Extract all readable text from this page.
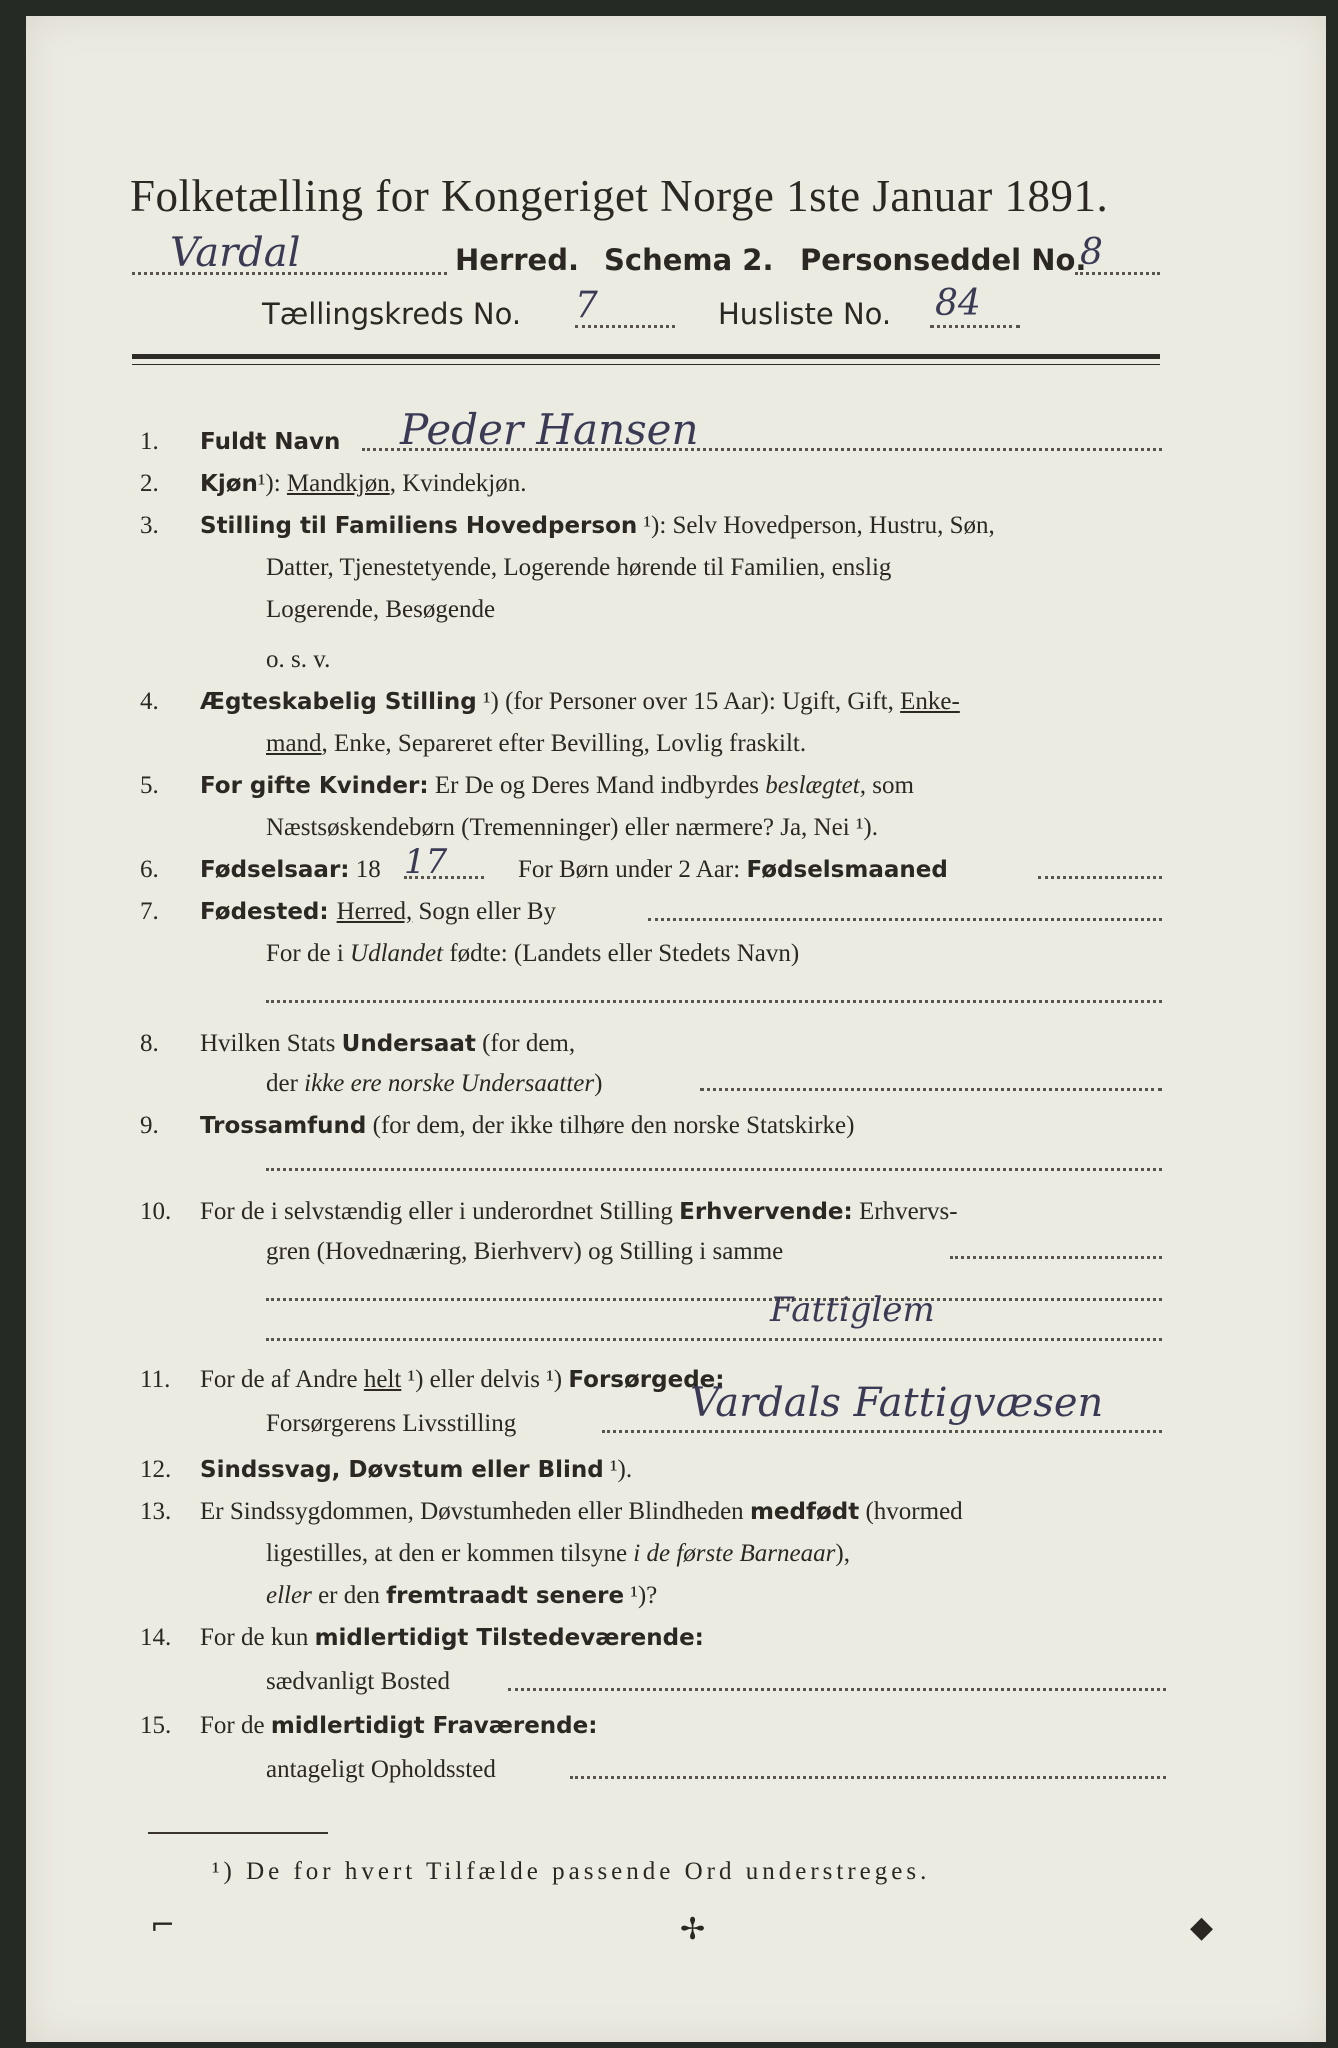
Folketælling for Kongeriget Norge 1ste Januar 1891.
Vardal	Herred. Schema 2. Personseddel No.
8
Tællingskreds No. 7	Husliste No. 84
1. Fuldt Navn Peder Hansen
2. Kjøn¹): Mandkjøn, Kvindekjøn.
3. Stilling til Familiens Hovedperson ¹): Selv Hovedperson, Hustru, Søn,
Datter, Tjenestetyende, Logerende hørende til Familien, enslig
Logerende, Besøgende
o. s. v.
4. Ægteskabelig Stilling ¹) (for Personer over 15 Aar): Ugift, Gift, Enke-
mand, Enke, Separeret efter Bevilling, Lovlig fraskilt.
5. For gifte Kvinder: Er De og Deres Mand indbyrdes beslægtet, som
Næstsøskendebørn (Tremenninger) eller nærmere? Ja, Nei ¹).
6. Fødselsaar: 18 17	For Børn under 2 Aar: Fødselsmaaned
7. Fødested: Herred, Sogn eller By
For de i Udlandet fødte: (Landets eller Stedets Navn)
8. Hvilken Stats Undersaat (for dem,
der ikke ere norske Undersaatter)
9. Trossamfund (for dem, der ikke tilhøre den norske Statskirke)
10. For de i selvstændig eller i underordnet Stilling Erhvervende: Erhvervs-
gren (Hovednæring, Bierhverv) og Stilling i samme
Fattiglem
11. For de af Andre helt ¹) eller delvis ¹) Forsørgede:
Forsørgerens Livsstilling	Vardals Fattigvæsen
12. Sindssvag, Døvstum eller Blind ¹).
13. Er Sindssygdommen, Døvstumheden eller Blindheden medfødt (hvormed
ligestilles, at den er kommen tilsyne i de første Barneaar),
eller er den fremtraadt senere ¹)?
14. For de kun midlertidigt Tilstedeværende:
sædvanligt Bosted
15. For de midlertidigt Fraværende:
antageligt Opholdssted
¹) De for hvert Tilfælde passende Ord understreges.
⌐	✢	◆
